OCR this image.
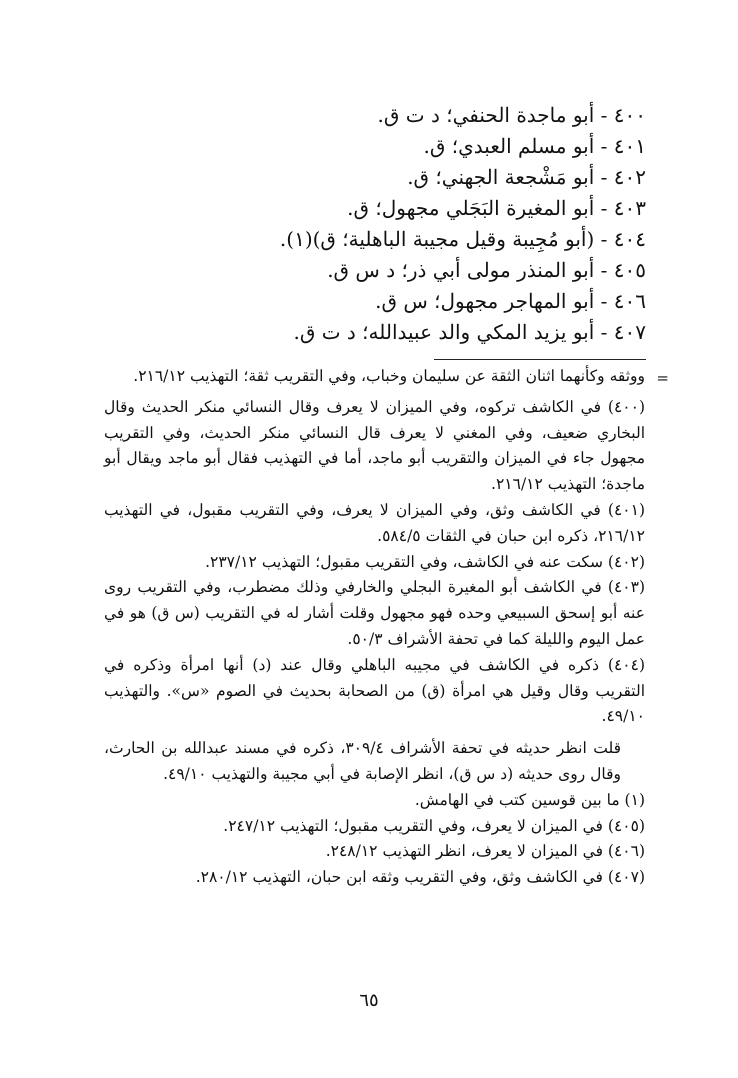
٤٠٠ - أبو ماجدة الحنفي؛ د ت ق.
٤٠١ - أبو مسلم العبدي؛ ق.
٤٠٢ - أبو مَشْجعة الجهني؛ ق.
٤٠٣ - أبو المغيرة البَجَلي مجهول؛ ق.
٤٠٤ - (أبو مُجِيبة وقيل مجيبة الباهلية؛ ق)(١).
٤٠٥ - أبو المنذر مولى أبي ذر؛ د س ق.
٤٠٦ - أبو المهاجر مجهول؛ س ق.
٤٠٧ - أبو يزيد المكي والد عبيدالله؛ د ت ق.

=
ووثقه وكأنهما اثنان الثقة عن سليمان وخباب، وفي التقريب ثقة؛ التهذيب ٢١٦/١٢.

(٤٠٠) في الكاشف تركوه، وفي الميزان لا يعرف وقال النسائي منكر الحديث وقال البخاري ضعيف، وفي المغني لا يعرف قال النسائي منكر الحديث، وفي التقريب مجهول جاء في الميزان والتقريب أبو ماجد، أما في التهذيب فقال أبو ماجد ويقال أبو ماجدة؛ التهذيب ٢١٦/١٢.

(٤٠١) في الكاشف وثق، وفي الميزان لا يعرف، وفي التقريب مقبول، في التهذيب ٢١٦/١٢، ذكره ابن حبان في الثقات ٥٨٤/٥.

(٤٠٢) سكت عنه في الكاشف، وفي التقريب مقبول؛ التهذيب ٢٣٧/١٢.

(٤٠٣) في الكاشف أبو المغيرة البجلي والخارفي وذلك مضطرب، وفي التقريب روى عنه أبو إسحق السبيعي وحده فهو مجهول وقلت أشار له في التقريب (س ق) هو في عمل اليوم والليلة كما في تحفة الأشراف ٥٠/٣.

(٤٠٤) ذكره في الكاشف في مجيبه الباهلي وقال عند (د) أنها امرأة وذكره في التقريب وقال وقيل هي امرأة (ق) من الصحابة بحديث في الصوم «س». والتهذيب ٤٩/١٠.

قلت انظر حديثه في تحفة الأشراف ٣٠٩/٤، ذكره في مسند عبدالله بن الحارث، وقال روى حديثه (د س ق)، انظر الإصابة في أبي مجيبة والتهذيب ٤٩/١٠.

(١) ما بين قوسين كتب في الهامش.

(٤٠٥) في الميزان لا يعرف، وفي التقريب مقبول؛ التهذيب ٢٤٧/١٢.

(٤٠٦) في الميزان لا يعرف، انظر التهذيب ٢٤٨/١٢.

(٤٠٧) في الكاشف وثق، وفي التقريب وثقه ابن حبان، التهذيب ٢٨٠/١٢.

٦٥
